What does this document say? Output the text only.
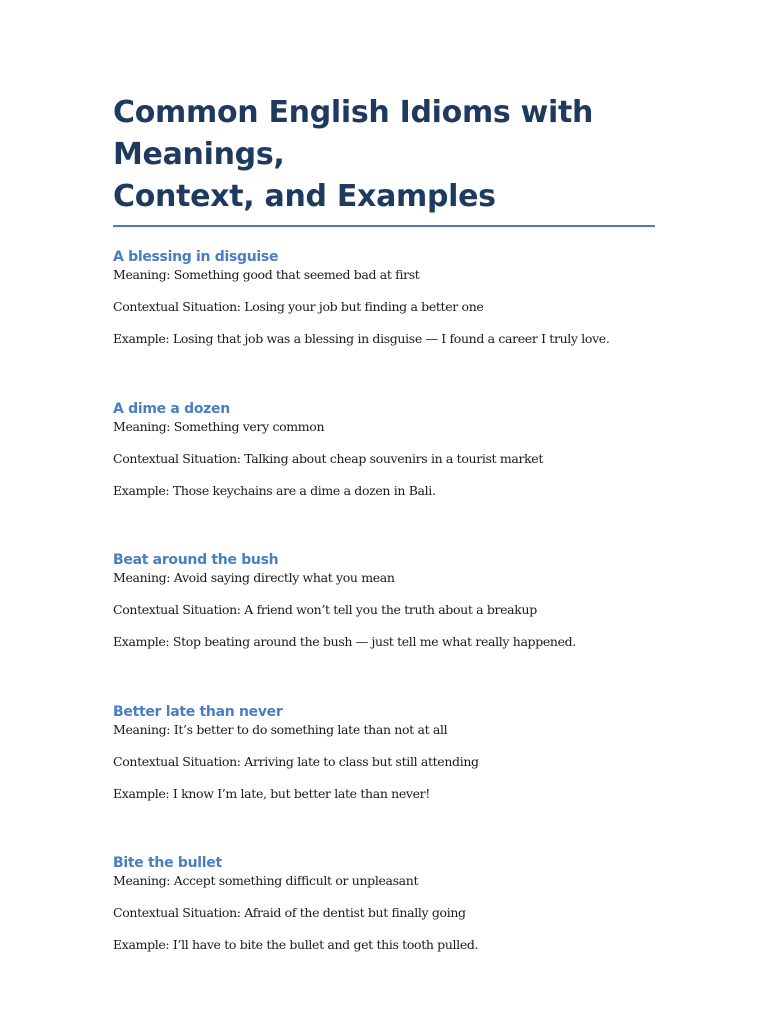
Common English Idioms with Meanings,
Context, and Examples
A blessing in disguise

Meaning: Something good that seemed bad at first

Contextual Situation: Losing your job but finding a better one

Example: Losing that job was a blessing in disguise — I found a career I truly love.

A dime a dozen

Meaning: Something very common

Contextual Situation: Talking about cheap souvenirs in a tourist market

Example: Those keychains are a dime a dozen in Bali.

Beat around the bush

Meaning: Avoid saying directly what you mean

Contextual Situation: A friend won’t tell you the truth about a breakup

Example: Stop beating around the bush — just tell me what really happened.

Better late than never

Meaning: It’s better to do something late than not at all

Contextual Situation: Arriving late to class but still attending

Example: I know I’m late, but better late than never!

Bite the bullet

Meaning: Accept something difficult or unpleasant

Contextual Situation: Afraid of the dentist but finally going

Example: I’ll have to bite the bullet and get this tooth pulled.
